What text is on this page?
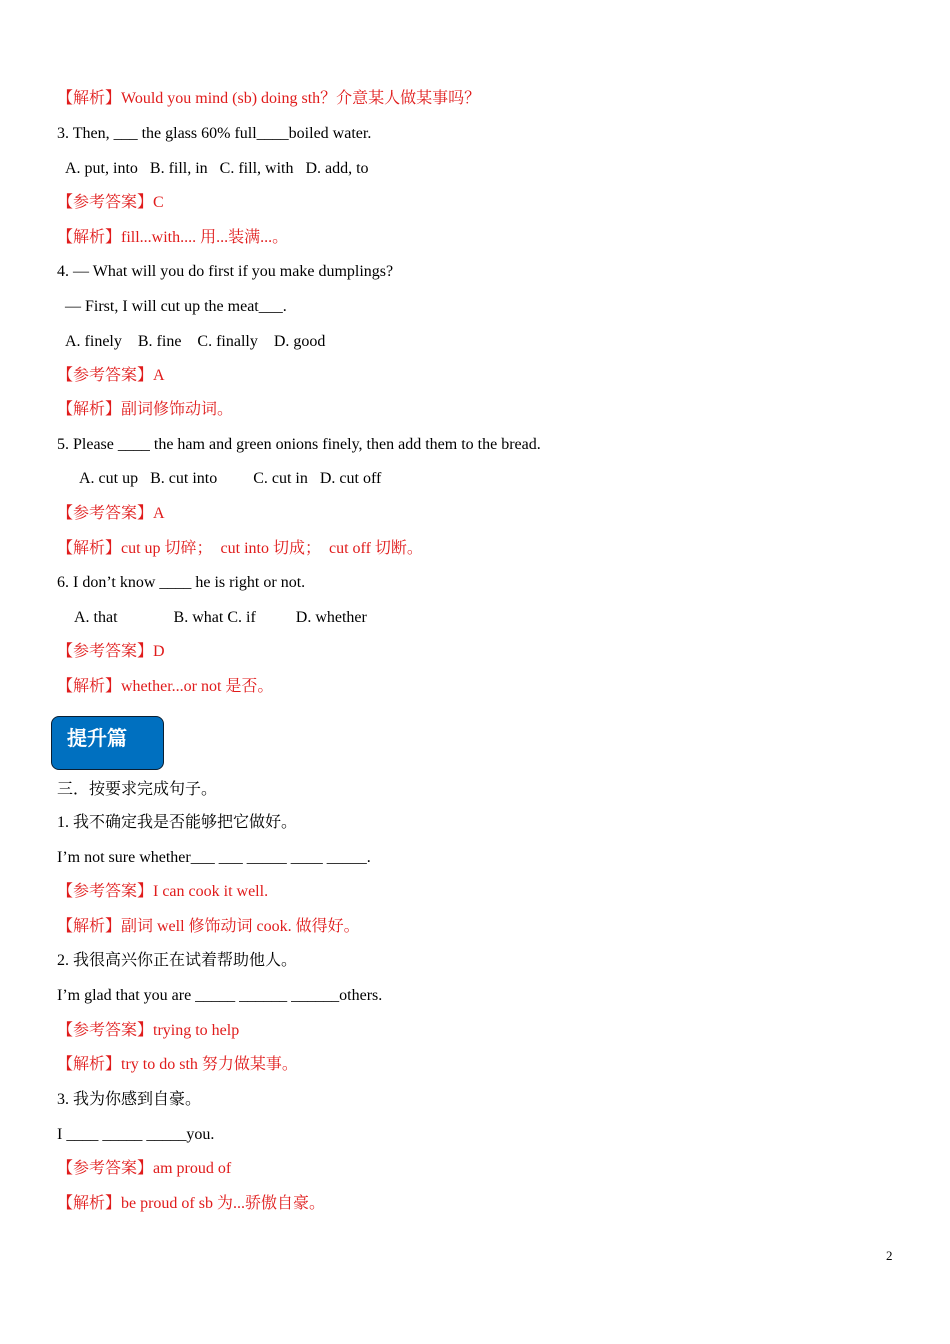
【解析】Would you mind (sb) doing sth？介意某人做某事吗？
3. Then, ___ the glass 60% full____boiled water.
A. put, into   B. fill, in   C. fill, with   D. add, to
【参考答案】C
【解析】fill...with.... 用...装满...。
4. — What will you do first if you make dumplings?
— First, I will cut up the meat___.
A. finely    B. fine    C. finally    D. good
【参考答案】A
【解析】副词修饰动词。
5. Please ____ the ham and green onions finely, then add them to the bread.
A. cut up   B. cut into         C. cut in   D. cut off
【参考答案】A
【解析】cut up 切碎；  cut into 切成；  cut off 切断。
6. I don’t know ____ he is right or not.
A. that              B. what C. if          D. whether
【参考答案】D
【解析】whether...or not 是否。
提升篇
三．按要求完成句子。
1. 我不确定我是否能够把它做好。
I’m not sure whether___ ___ _____ ____ _____.
【参考答案】I can cook it well.
【解析】副词 well 修饰动词 cook. 做得好。
2. 我很高兴你正在试着帮助他人。
I’m glad that you are _____ ______ ______others.
【参考答案】trying to help
【解析】try to do sth 努力做某事。
3. 我为你感到自豪。
I ____ _____ _____you.
【参考答案】am proud of
【解析】be proud of sb 为...骄傲自豪。
2
